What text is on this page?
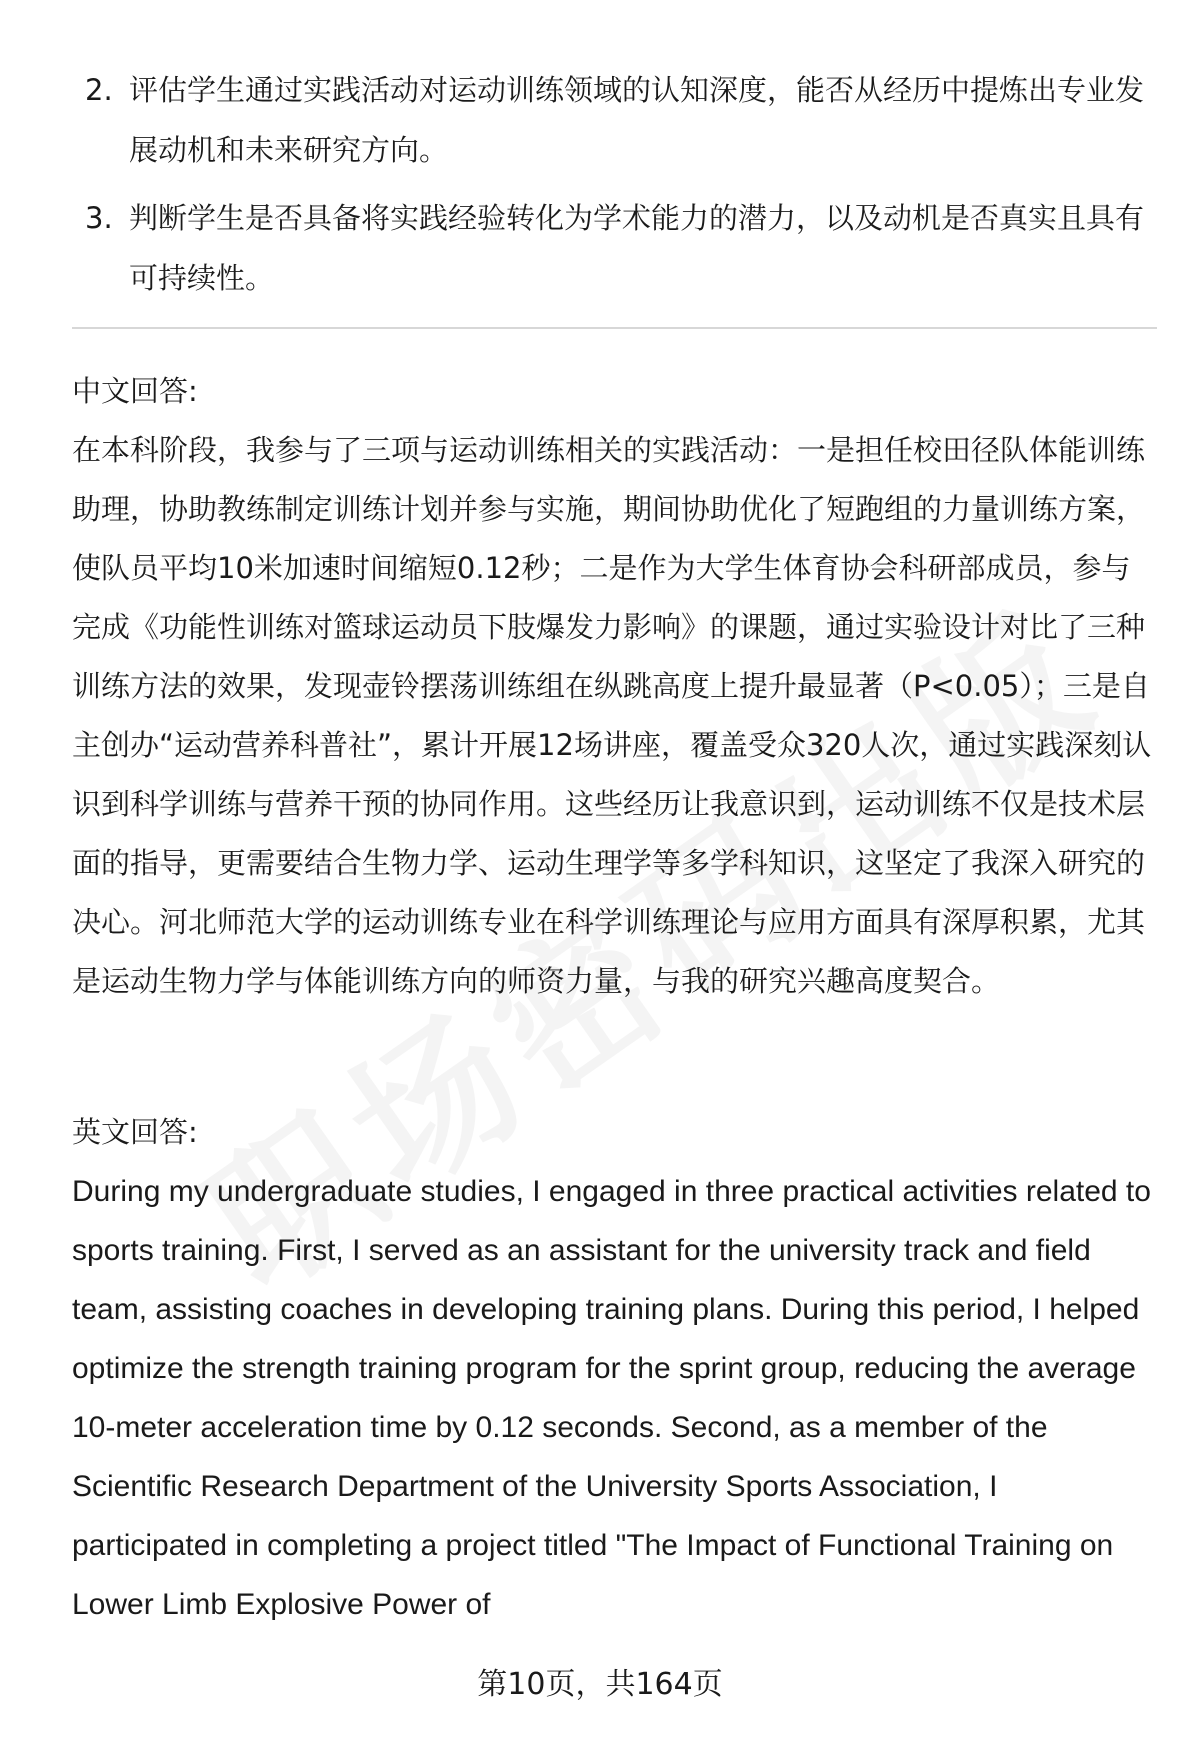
2. 评估学生通过实践活动对运动训练领域的认知深度，能否从经历中提炼出专业发展动机和未来研究方向。
3. 判断学生是否具备将实践经验转化为学术能力的潜力，以及动机是否真实且具有可持续性。

中文回答:

在本科阶段，我参与了三项与运动训练相关的实践活动：一是担任校田径队体能训练助理，协助教练制定训练计划并参与实施，期间协助优化了短跑组的力量训练方案，使队员平均10米加速时间缩短0.12秒；二是作为大学生体育协会科研部成员，参与完成《功能性训练对篮球运动员下肢爆发力影响》的课题，通过实验设计对比了三种训练方法的效果，发现壶铃摆荡训练组在纵跳高度上提升最显著（P<0.05）；三是自主创办“运动营养科普社”，累计开展12场讲座，覆盖受众320人次，通过实践深刻认识到科学训练与营养干预的协同作用。这些经历让我意识到，运动训练不仅是技术层面的指导，更需要结合生物力学、运动生理学等多学科知识，这坚定了我深入研究的决心。河北师范大学的运动训练专业在科学训练理论与应用方面具有深厚积累，尤其是运动生物力学与体能训练方向的师资力量，与我的研究兴趣高度契合。

英文回答:

During my undergraduate studies, I engaged in three practical activities related to sports training. First, I served as an assistant for the university track and field team, assisting coaches in developing training plans. During this period, I helped optimize the strength training program for the sprint group, reducing the average 10-meter acceleration time by 0.12 seconds. Second, as a member of the Scientific Research Department of the University Sports Association, I participated in completing a project titled "The Impact of Functional Training on Lower Limb Explosive Power of

第10页，共164页
